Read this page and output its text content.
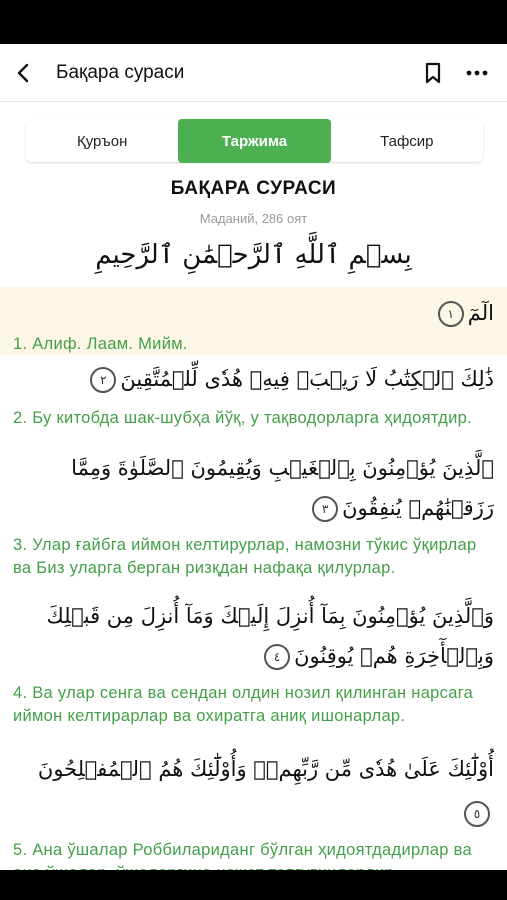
Бақара сураси
Қуръон	Таржима	Тафсир
БАҚАРА СУРАСИ
Маданий, 286 оят
بِسۡمِ ٱللَّهِ ٱلرَّحۡمَٰنِ ٱلرَّحِيمِ
الٓمٓ١
1. Алиф. Лаам. Мийм.
ذَٰلِكَ ٱلۡكِتَٰبُ لَا رَيۡبَۛ فِيهِۛ هُدٗى لِّلۡمُتَّقِينَ٢
2. Бу китобда шак-шубҳа йўқ, у тақводорларга ҳидоятдир.
ٱلَّذِينَ يُؤۡمِنُونَ بِٱلۡغَيۡبِ وَيُقِيمُونَ ٱلصَّلَوٰةَ وَمِمَّا رَزَقۡنَٰهُمۡ يُنفِقُونَ٣
3. Улар ғайбга иймон келтирурлар, намозни тўкис ўқирлар ва Биз уларга берган ризқдан нафақа қилурлар.
وَٱلَّذِينَ يُؤۡمِنُونَ بِمَآ أُنزِلَ إِلَيۡكَ وَمَآ أُنزِلَ مِن قَبۡلِكَ وَبِٱلۡأٓخِرَةِ هُمۡ يُوقِنُونَ٤
4. Ва улар сенга ва сендан олдин нозил қилинган нарсага иймон келтирарлар ва охиратга аниқ ишонарлар.
أُوْلَٰٓئِكَ عَلَىٰ هُدٗى مِّن رَّبِّهِمۡۖ وَأُوْلَٰٓئِكَ هُمُ ٱلۡمُفۡلِحُونَ٥
5. Ана ўшалар Роббилариданг бўлган ҳидоятдадирлар ва
